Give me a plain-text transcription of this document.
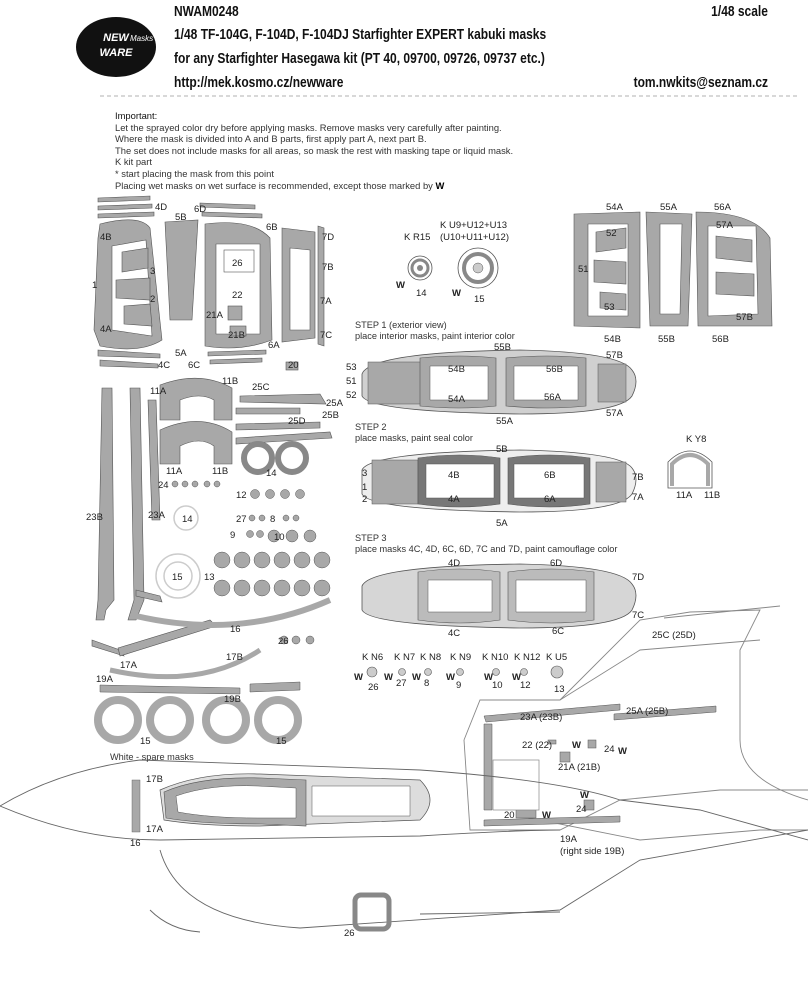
NEW Masks
WARE
4D
5B
6D
6B
7D
4B
26	7B
3
1
2	22
7A
21A
21B
4A
7C
6A
5A
4C 6C	20
11B
11A	25C
25A
25B
25D
14
11A	11B
24
12
23B	23A 14	27 8
9	10
15 13
16
26
17A
17B
19A
19B
15	15
K R15
K U9+U12+U13
(U10+U11+U12)
W
14	W
15
54A	55A	56A
52
57A
51
53
57B
54B	55B	56B
55B
57B
53
51
52
54B	56B
54A	56A
55A
57A
5B
3
1
2
4B	6B	7B
4A	6A	7A
5A
K Y8
11A 11B
4D	6D
7D
7C
4C	6C
K N6 K N7 K N8 K N9 K N10 K N12 K U5
W W W	W	W W
26 27 8	9	10 12 13
25C (25D)
23A (23B)
25A (25B)
22 (22) W 24 W
21A (21B)
W
24
20	W
19A
(right side 19B)
17B
17A
16
26
NWAM0248	1/48 scale
1/48 TF-104G, F-104D, F-104DJ Starfighter EXPERT kabuki masks
for any Starfighter Hasegawa kit (PT 40, 09700, 09726, 09737 etc.)
http://mek.kosmo.cz/newware	tom.nwkits@seznam.cz
Important:
Let the sprayed color dry before applying masks. Remove masks very carefully after painting.
Where the mask is divided into A and B parts, first apply part A, next part B.
The set does not include masks for all areas, so mask the rest with masking tape or liquid mask.
K kit part
* start placing the mask from this point
Placing wet masks on wet surface is recommended, except those marked by W
STEP 1 (exterior view)
place interior masks, paint interior color
STEP 2
place masks, paint seal color
STEP 3
place masks 4C, 4D, 6C, 6D, 7C and 7D, paint camouflage color
White - spare masks
